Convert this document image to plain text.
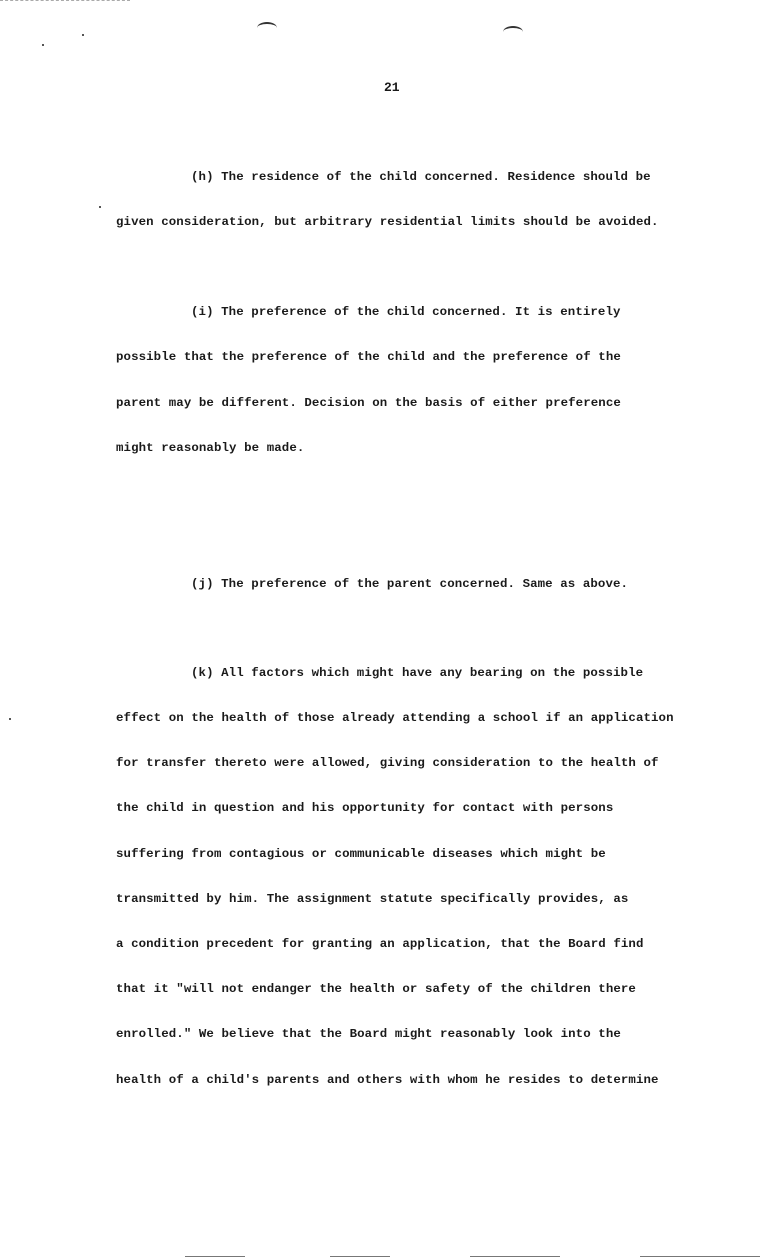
21
(h) The residence of the child concerned. Residence should be
given consideration, but arbitrary residential limits should be avoided.
(i) The preference of the child concerned. It is entirely
possible that the preference of the child and the preference of the
parent may be different. Decision on the basis of either preference
might reasonably be made.
(j) The preference of the parent concerned. Same as above.
(k) All factors which might have any bearing on the possible
effect on the health of those already attending a school if an application
for transfer thereto were allowed, giving consideration to the health of
the child in question and his opportunity for contact with persons
suffering from contagious or communicable diseases which might be
transmitted by him. The assignment statute specifically provides, as
a condition precedent for granting an application, that the Board find
that it "will not endanger the health or safety of the children there
enrolled." We believe that the Board might reasonably look into the
health of a child's parents and others with whom he resides to determine
